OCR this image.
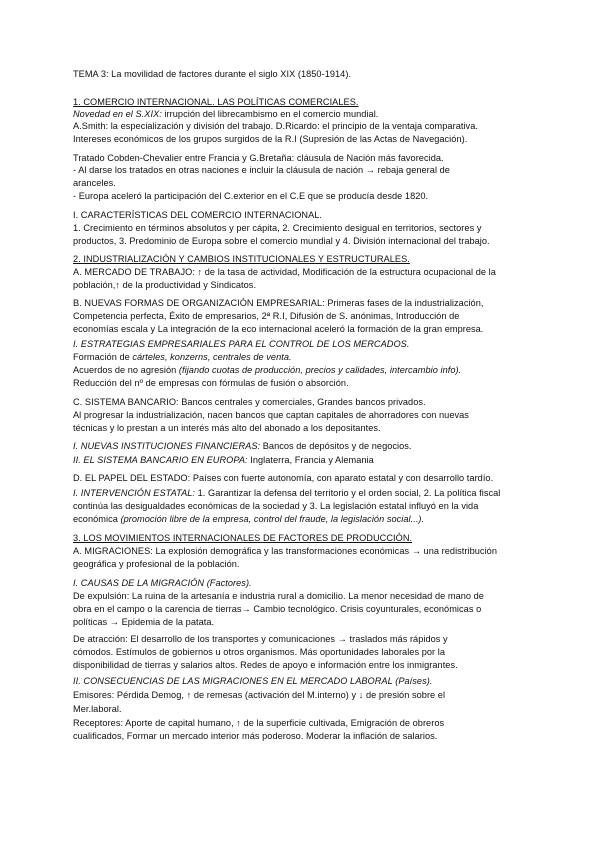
TEMA 3: La movilidad de factores durante el siglo XIX (1850-1914).
1. COMERCIO INTERNACIONAL. LAS POLÍTICAS COMERCIALES.
Novedad en el S.XIX: irrupción del librecambismo en el comercio mundial.
A.Smith: la especialización y división del trabajo. D.Ricardo: el principio de la ventaja comparativa.
Intereses económicos de los grupos surgidos de la R.I (Supresión de las Actas de Navegación).
Tratado Cobden-Chevalier entre Francia y G.Bretaña: cláusula de Nación más favorecida.
- Al darse los tratados en otras naciones e incluir la cláusula de nación → rebaja general de
aranceles.
- Europa aceleró la participación del C.exterior en el C.E que se producía desde 1820.
I. CARACTERÍSTICAS DEL COMERCIO INTERNACIONAL.
1. Crecimiento en términos absolutos y per cápita, 2. Crecimiento desigual en territorios, sectores y
productos, 3. Predominio de Europa sobre el comercio mundial y 4. División internacional del trabajo.
2. INDUSTRIALIZACIÓN Y CAMBIOS INSTITUCIONALES Y ESTRUCTURALES.
A. MERCADO DE TRABAJO: ↑ de la tasa de actividad, Modificación de la estructura ocupacional de la
población,↑ de la productividad y Sindicatos.
B. NUEVAS FORMAS DE ORGANIZACIÓN EMPRESARIAL: Primeras fases de la industrialización,
Competencia perfecta, Éxito de empresarios, 2ª R.I, Difusión de S. anónimas, Introducción de
economías escala y La integración de la eco internacional aceleró la formación de la gran empresa.
I. ESTRATEGIAS EMPRESARIALES PARA EL CONTROL DE LOS MERCADOS.
Formación de cárteles, konzerns, centrales de venta.
Acuerdos de no agresión (fijando cuotas de producción, precios y calidades, intercambio info).
Reducción del nº de empresas con fórmulas de fusión o absorción.
C. SISTEMA BANCARIO: Bancos centrales y comerciales, Grandes bancos privados.
Al progresar la industrialización, nacen bancos que captan capitales de ahorradores con nuevas
técnicas y lo prestan a un interés más alto del abonado a los depositantes.
I. NUEVAS INSTITUCIONES FINANCIERAS: Bancos de depósitos y de negocios.
II. EL SISTEMA BANCARIO EN EUROPA: Inglaterra, Francia y Alemania
D. EL PAPEL DEL ESTADO: Países con fuerte autonomía, con aparato estatal y con desarrollo tardío.
I. INTERVENCIÓN ESTATAL: 1. Garantizar la defensa del territorio y el orden social, 2. La política fiscal
continúa las desigualdades económicas de la sociedad y 3. La legislación estatal influyó en la vida
económica (promoción libre de la empresa, control del fraude, la legislación social...).
3. LOS MOVIMIENTOS INTERNACIONALES DE FACTORES DE PRODUCCIÓN.
A. MIGRACIONES: La explosión demográfica y las transformaciones económicas → una redistribución
geográfica y profesional de la población.
I. CAUSAS DE LA MIGRACIÓN (Factores).
De expulsión: La ruina de la artesanía e industria rural a domicilio. La menor necesidad de mano de
obra en el campo o la carencia de tierras→ Cambio tecnológico. Crisis coyunturales, económicas o
políticas → Epidemia de la patata.
De atracción: El desarrollo de los transportes y comunicaciones → traslados más rápidos y
cómodos. Estímulos de gobiernos u otros organismos. Más oportunidades laborales por la
disponibilidad de tierras y salarios altos. Redes de apoyo e información entre los inmigrantes.
II. CONSECUENCIAS DE LAS MIGRACIONES EN EL MERCADO LABORAL (Países).
Emisores: Pérdida Demog, ↑ de remesas (activación del M.interno) y ↓ de presión sobre el
Mer.laboral.
Receptores: Aporte de capital humano, ↑ de la superficie cultivada, Emigración de obreros
cualificados, Formar un mercado interior más poderoso. Moderar la inflación de salarios.
